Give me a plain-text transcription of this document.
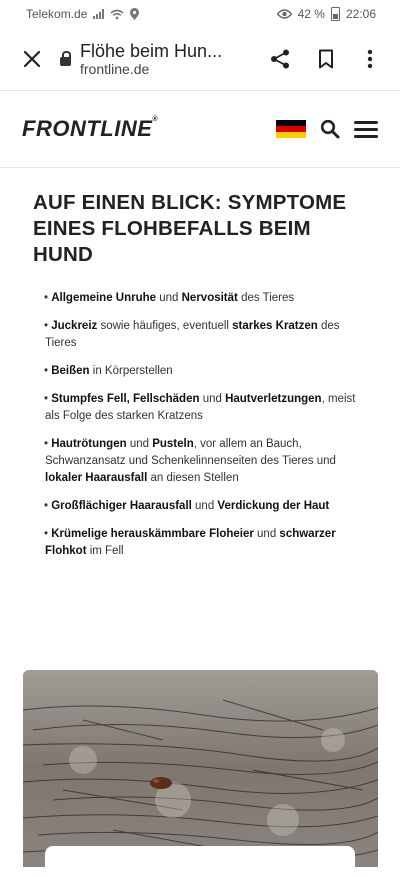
Telekom.de	42 % 22:06
Flöhe beim Hun...
frontline.de
FRONTLINE®
AUF EINEN BLICK: SYMPTOME EINES FLOHBEFALLS BEIM HUND
• Allgemeine Unruhe und Nervosität des Tieres
• Juckreiz sowie häufiges, eventuell starkes Kratzen des Tieres
• Beißen in Körperstellen
• Stumpfes Fell, Fellschäden und Hautverletzungen, meist als Folge des starken Kratzens
• Hautrötungen und Pusteln, vor allem an Bauch, Schwanzansatz und Schenkelinnenseiten des Tieres und lokaler Haarausfall an diesen Stellen
• Großflächiger Haarausfall und Verdickung der Haut
• Krümelige herauskämmbare Floheier und schwarzer Flohkot im Fell
